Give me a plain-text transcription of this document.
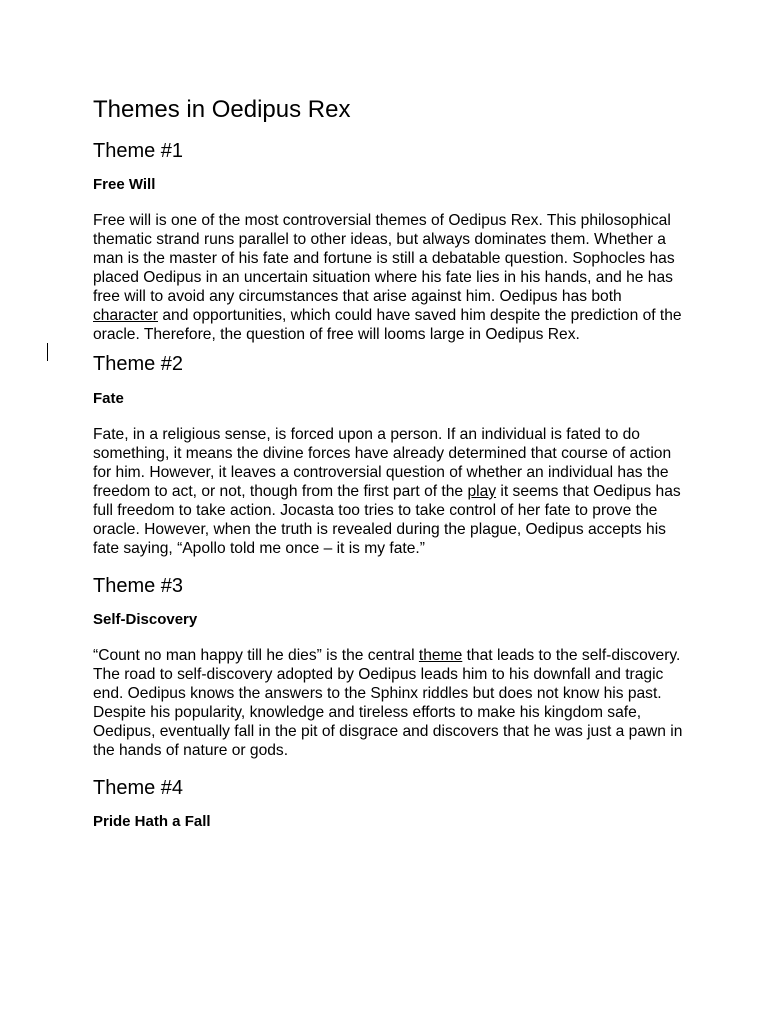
Themes in Oedipus Rex
Theme #1
Free Will

Free will is one of the most controversial themes of Oedipus Rex. This philosophical thematic strand runs parallel to other ideas, but always dominates them. Whether a man is the master of his fate and fortune is still a debatable question. Sophocles has placed Oedipus in an uncertain situation where his fate lies in his hands, and he has free will to avoid any circumstances that arise against him. Oedipus has both character and opportunities, which could have saved him despite the prediction of the oracle. Therefore, the question of free will looms large in Oedipus Rex.

Theme #2
Fate

Fate, in a religious sense, is forced upon a person. If an individual is fated to do something, it means the divine forces have already determined that course of action for him. However, it leaves a controversial question of whether an individual has the freedom to act, or not, though from the first part of the play it seems that Oedipus has full freedom to take action. Jocasta too tries to take control of her fate to prove the oracle. However, when the truth is revealed during the plague, Oedipus accepts his fate saying, “Apollo told me once – it is my fate.”

Theme #3
Self-Discovery

“Count no man happy till he dies” is the central theme that leads to the self-discovery. The road to self-discovery adopted by Oedipus leads him to his downfall and tragic end. Oedipus knows the answers to the Sphinx riddles but does not know his past. Despite his popularity, knowledge and tireless efforts to make his kingdom safe, Oedipus, eventually fall in the pit of disgrace and discovers that he was just a pawn in the hands of nature or gods.

Theme #4
Pride Hath a Fall
